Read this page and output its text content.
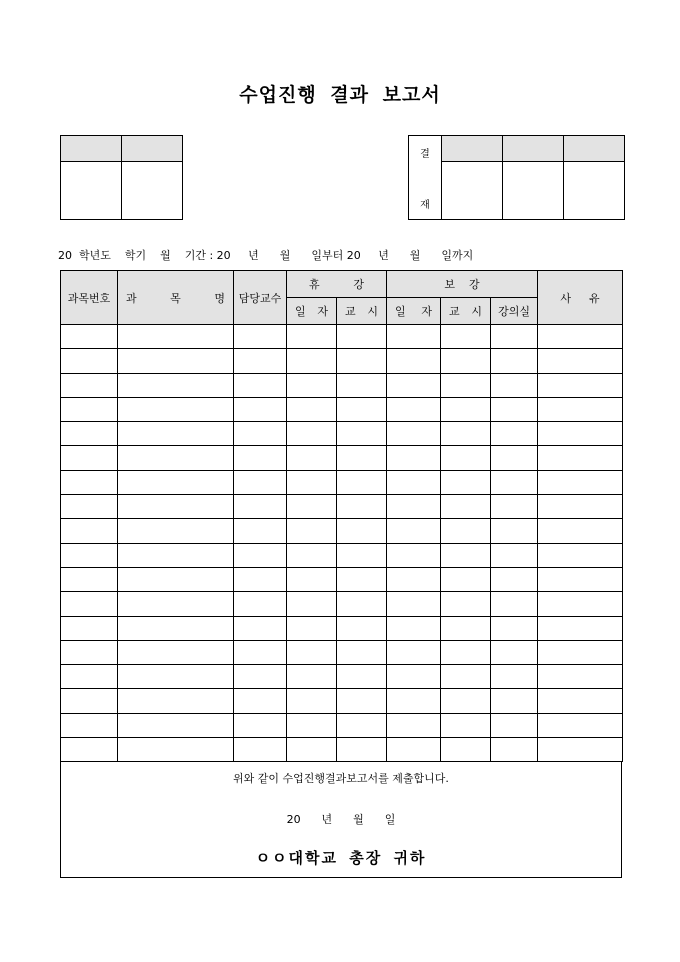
수업진행 결과 보고서

결
재			

20  학년도    학기    월    기간 : 20     년      월      일부터 20     년      월      일까지
과목번호	과 목 명	담당교수	휴 강		보 강			사 유

			일 자	교 시	일 자	교 시	강의실	

위와 같이 수업진행결과보고서를 제출합니다.
20      년      월      일
ㅇㅇ대학교 총장 귀하
